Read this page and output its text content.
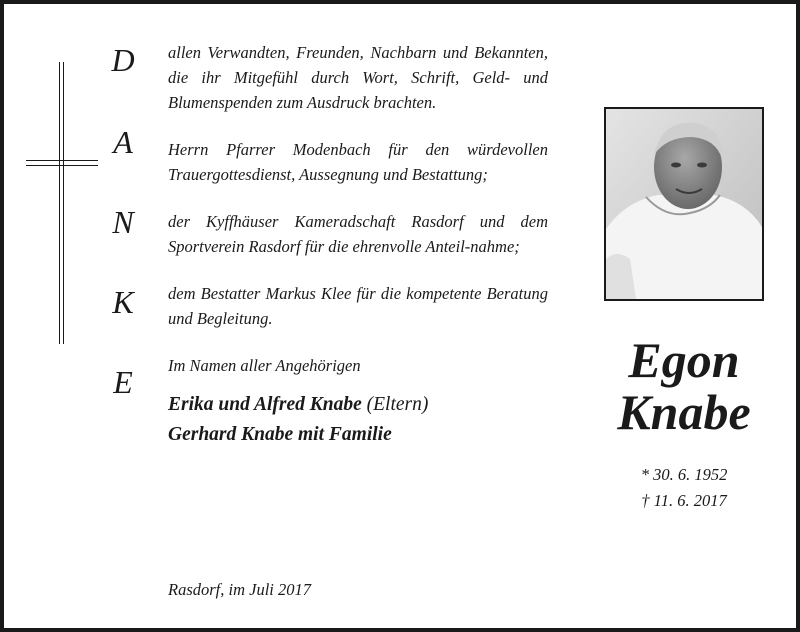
D
A
N
K
E

allen Verwandten, Freunden, Nachbarn und Bekannten, die ihr Mitgefühl durch Wort, Schrift, Geld- und Blumenspenden zum Ausdruck brachten.

Herrn Pfarrer Modenbach für den würdevollen Trauergottesdienst, Aussegnung und Bestattung;

der Kyffhäuser Kameradschaft Rasdorf und dem Sportverein Rasdorf für die ehrenvolle Anteil-nahme;

dem Bestatter Markus Klee für die kompetente Beratung und Begleitung.

Im Namen aller Angehörigen

Erika und Alfred Knabe (Eltern)
Gerhard Knabe mit Familie
Rasdorf, im Juli 2017
Egon
Knabe
* 30. 6. 1952
† 11. 6. 2017
